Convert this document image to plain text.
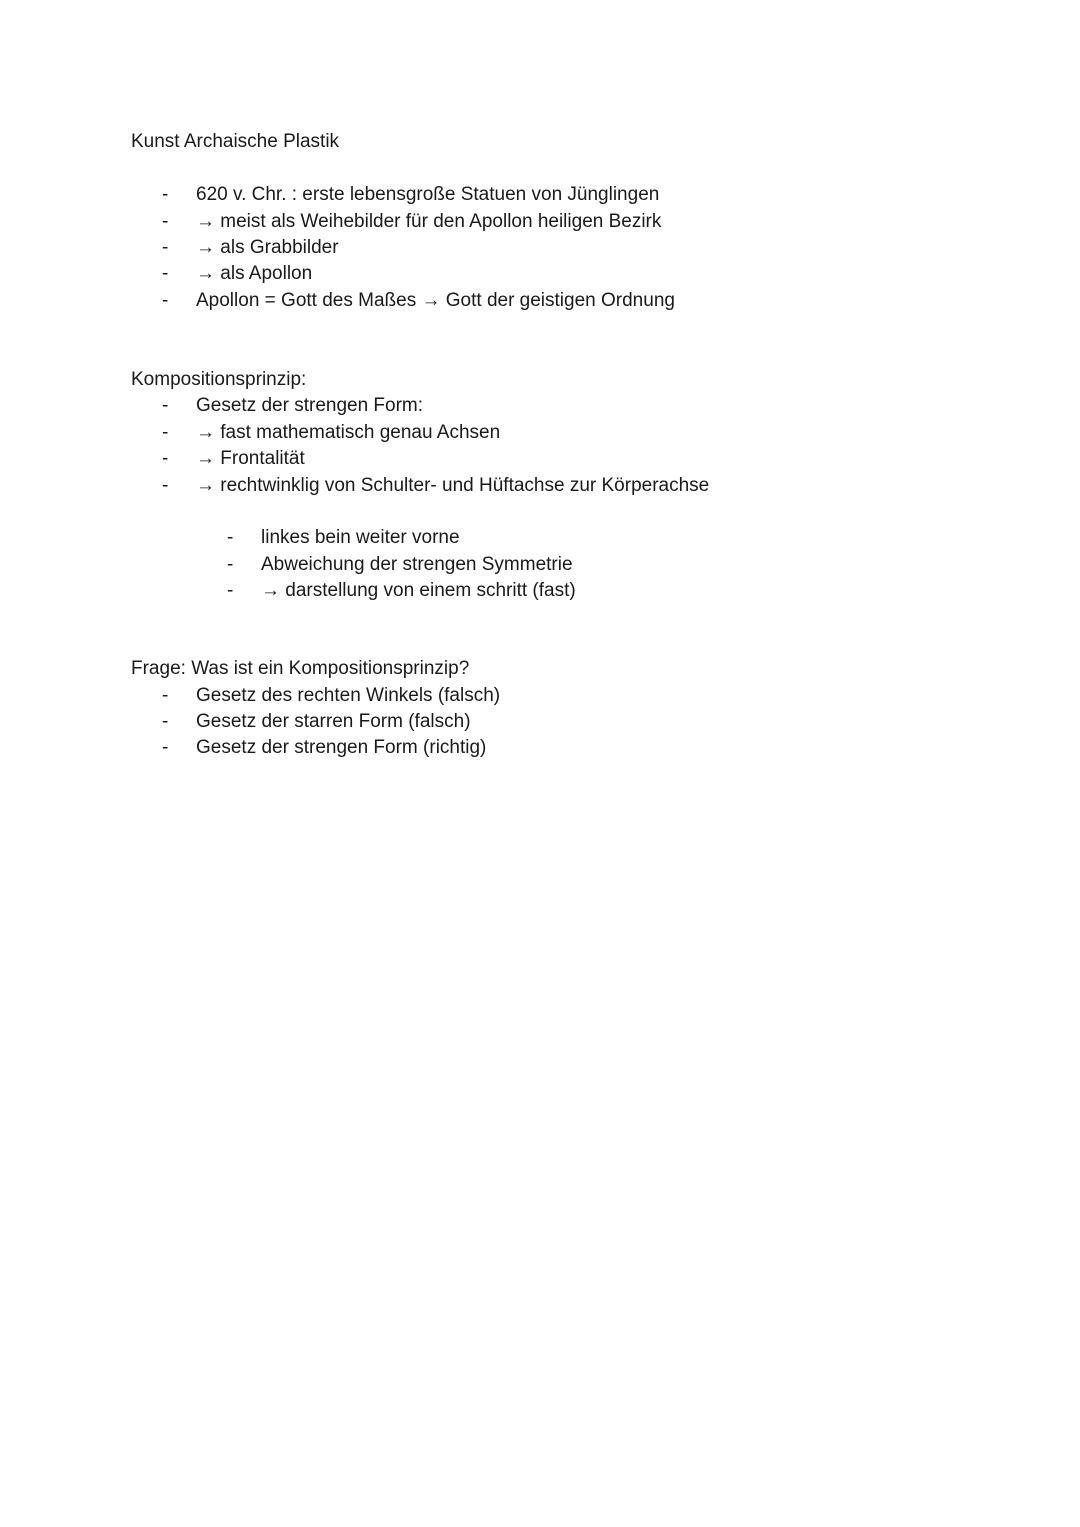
Kunst Archaische Plastik
- 620 v. Chr. : erste lebensgroße Statuen von Jünglingen
- → meist als Weihebilder für den Apollon heiligen Bezirk
- → als Grabbilder
- → als Apollon
- Apollon = Gott des Maßes → Gott der geistigen Ordnung
Kompositionsprinzip:
- Gesetz der strengen Form:
- → fast mathematisch genau Achsen
- → Frontalität
- → rechtwinklig von Schulter- und Hüftachse zur Körperachse
- linkes bein weiter vorne
- Abweichung der strengen Symmetrie
- → darstellung von einem schritt (fast)
Frage: Was ist ein Kompositionsprinzip?
- Gesetz des rechten Winkels (falsch)
- Gesetz der starren Form (falsch)
- Gesetz der strengen Form (richtig)
